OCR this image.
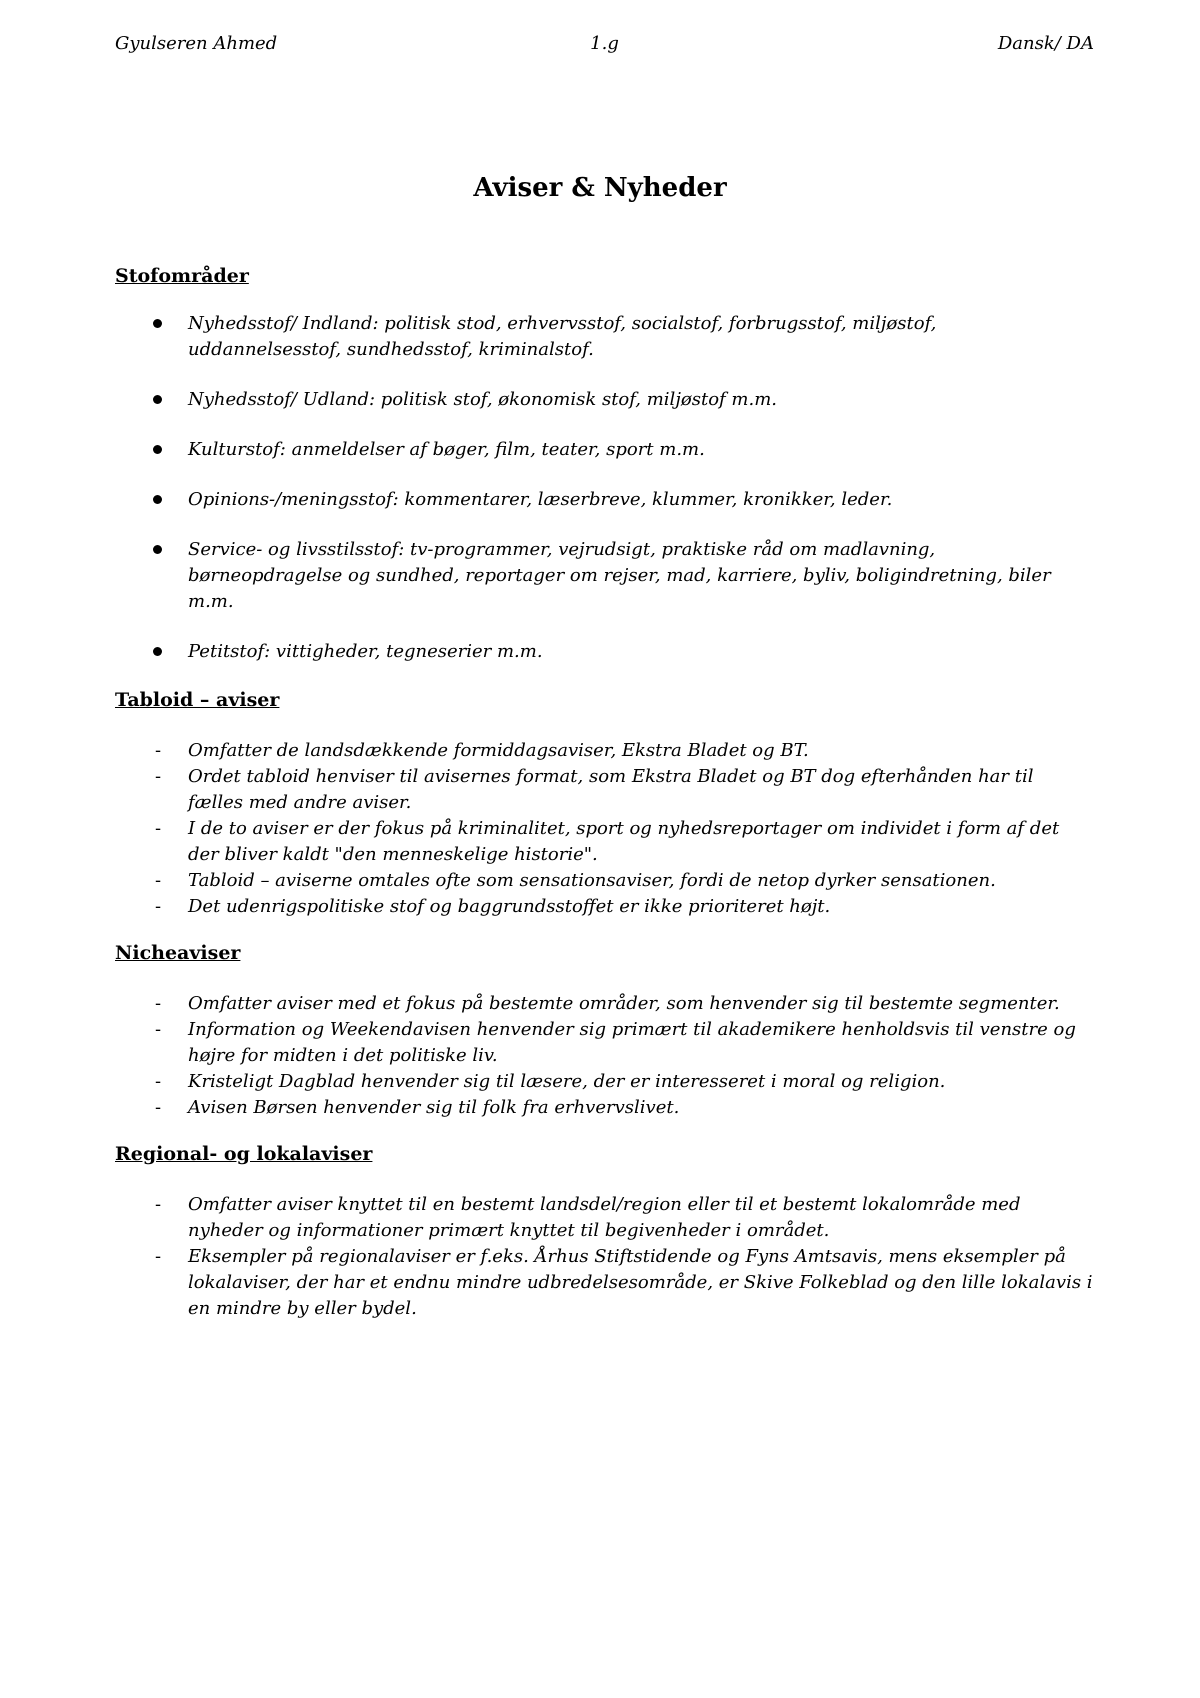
Gyulseren Ahmed	1.g	Dansk/ DA
Aviser & Nyheder
Stofområder
Nyhedsstof/ Indland: politisk stod, erhvervsstof, socialstof, forbrugsstof, miljøstof, uddannelsesstof, sundhedsstof, kriminalstof.
Nyhedsstof/ Udland: politisk stof, økonomisk stof, miljøstof m.m.
Kulturstof: anmeldelser af bøger, film, teater, sport m.m.
Opinions-/meningsstof: kommentarer, læserbreve, klummer, kronikker, leder.
Service- og livsstilsstof: tv-programmer, vejrudsigt, praktiske råd om madlavning, børneopdragelse og sundhed, reportager om rejser, mad, karriere, byliv, boligindretning, biler m.m.
Petitstof: vittigheder, tegneserier m.m.
Tabloid – aviser
- Omfatter de landsdækkende formiddagsaviser, Ekstra Bladet og BT.
- Ordet tabloid henviser til avisernes format, som Ekstra Bladet og BT dog efterhånden har til fælles med andre aviser.
- I de to aviser er der fokus på kriminalitet, sport og nyhedsreportager om individet i form af det der bliver kaldt "den menneskelige historie".
- Tabloid – aviserne omtales ofte som sensationsaviser, fordi de netop dyrker sensationen.
- Det udenrigspolitiske stof og baggrundsstoffet er ikke prioriteret højt.
Nicheaviser
- Omfatter aviser med et fokus på bestemte områder, som henvender sig til bestemte segmenter.
- Information og Weekendavisen henvender sig primært til akademikere henholdsvis til venstre og højre for midten i det politiske liv.
- Kristeligt Dagblad henvender sig til læsere, der er interesseret i moral og religion.
- Avisen Børsen henvender sig til folk fra erhvervslivet.
Regional- og lokalaviser
- Omfatter aviser knyttet til en bestemt landsdel/region eller til et bestemt lokalområde med nyheder og informationer primært knyttet til begivenheder i området.
- Eksempler på regionalaviser er f.eks. Århus Stiftstidende og Fyns Amtsavis, mens eksempler på lokalaviser, der har et endnu mindre udbredelsesområde, er Skive Folkeblad og den lille lokalavis i en mindre by eller bydel.
